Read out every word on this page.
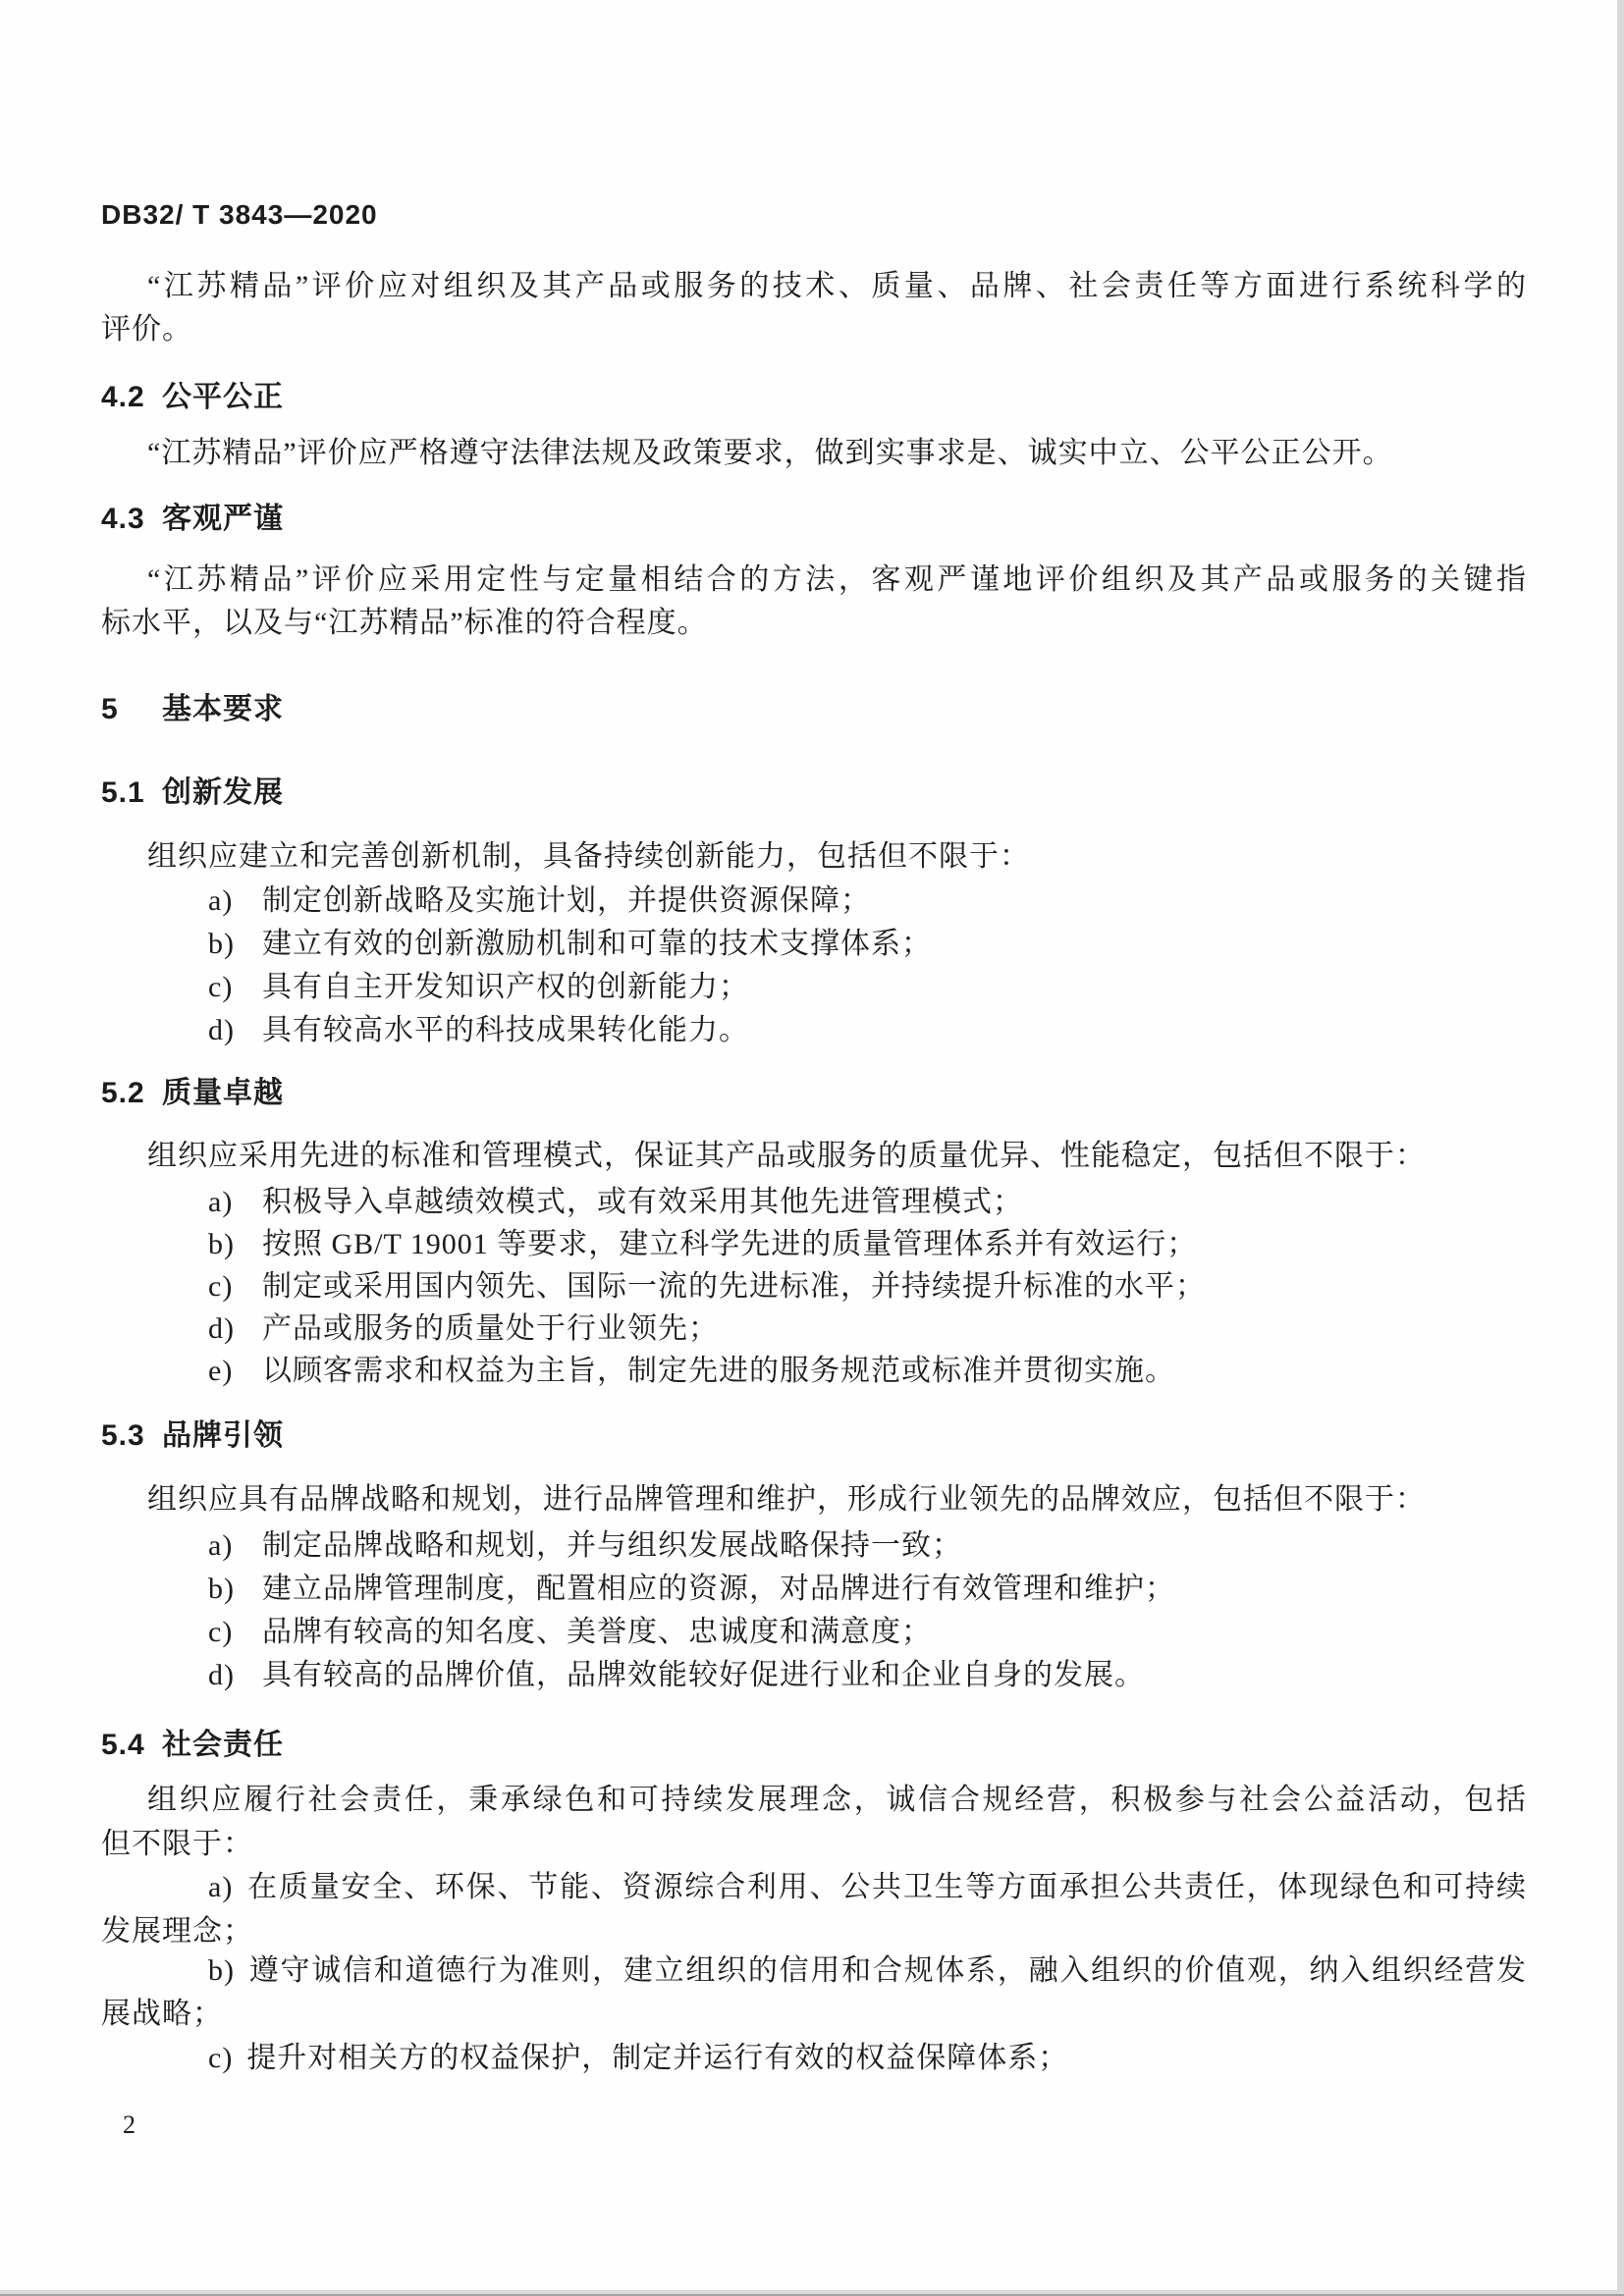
DB32/ T 3843—2020
“江苏精品”评价应对组织及其产品或服务的技术、质量、品牌、社会责任等方面进行系统科学的
评价。
4.2 公平公正
“江苏精品”评价应严格遵守法律法规及政策要求，做到实事求是、诚实中立、公平公正公开。
4.3 客观严谨
“江苏精品”评价应采用定性与定量相结合的方法，客观严谨地评价组织及其产品或服务的关键指
标水平，以及与“江苏精品”标准的符合程度。
5 基本要求
5.1 创新发展
组织应建立和完善创新机制，具备持续创新能力，包括但不限于：
a) 制定创新战略及实施计划，并提供资源保障；
b) 建立有效的创新激励机制和可靠的技术支撑体系；
c) 具有自主开发知识产权的创新能力；
d) 具有较高水平的科技成果转化能力。
5.2 质量卓越
组织应采用先进的标准和管理模式，保证其产品或服务的质量优异、性能稳定，包括但不限于：
a) 积极导入卓越绩效模式，或有效采用其他先进管理模式；
b) 按照 GB/T 19001 等要求，建立科学先进的质量管理体系并有效运行；
c) 制定或采用国内领先、国际一流的先进标准，并持续提升标准的水平；
d) 产品或服务的质量处于行业领先；
e) 以顾客需求和权益为主旨，制定先进的服务规范或标准并贯彻实施。
5.3 品牌引领
组织应具有品牌战略和规划，进行品牌管理和维护，形成行业领先的品牌效应，包括但不限于：
a) 制定品牌战略和规划，并与组织发展战略保持一致；
b) 建立品牌管理制度，配置相应的资源，对品牌进行有效管理和维护；
c) 品牌有较高的知名度、美誉度、忠诚度和满意度；
d) 具有较高的品牌价值，品牌效能较好促进行业和企业自身的发展。
5.4 社会责任
组织应履行社会责任，秉承绿色和可持续发展理念，诚信合规经营，积极参与社会公益活动，包括
但不限于：
a) 在质量安全、环保、节能、资源综合利用、公共卫生等方面承担公共责任，体现绿色和可持续
发展理念；
b) 遵守诚信和道德行为准则，建立组织的信用和合规体系，融入组织的价值观，纳入组织经营发
展战略；
c) 提升对相关方的权益保护，制定并运行有效的权益保障体系；
2
